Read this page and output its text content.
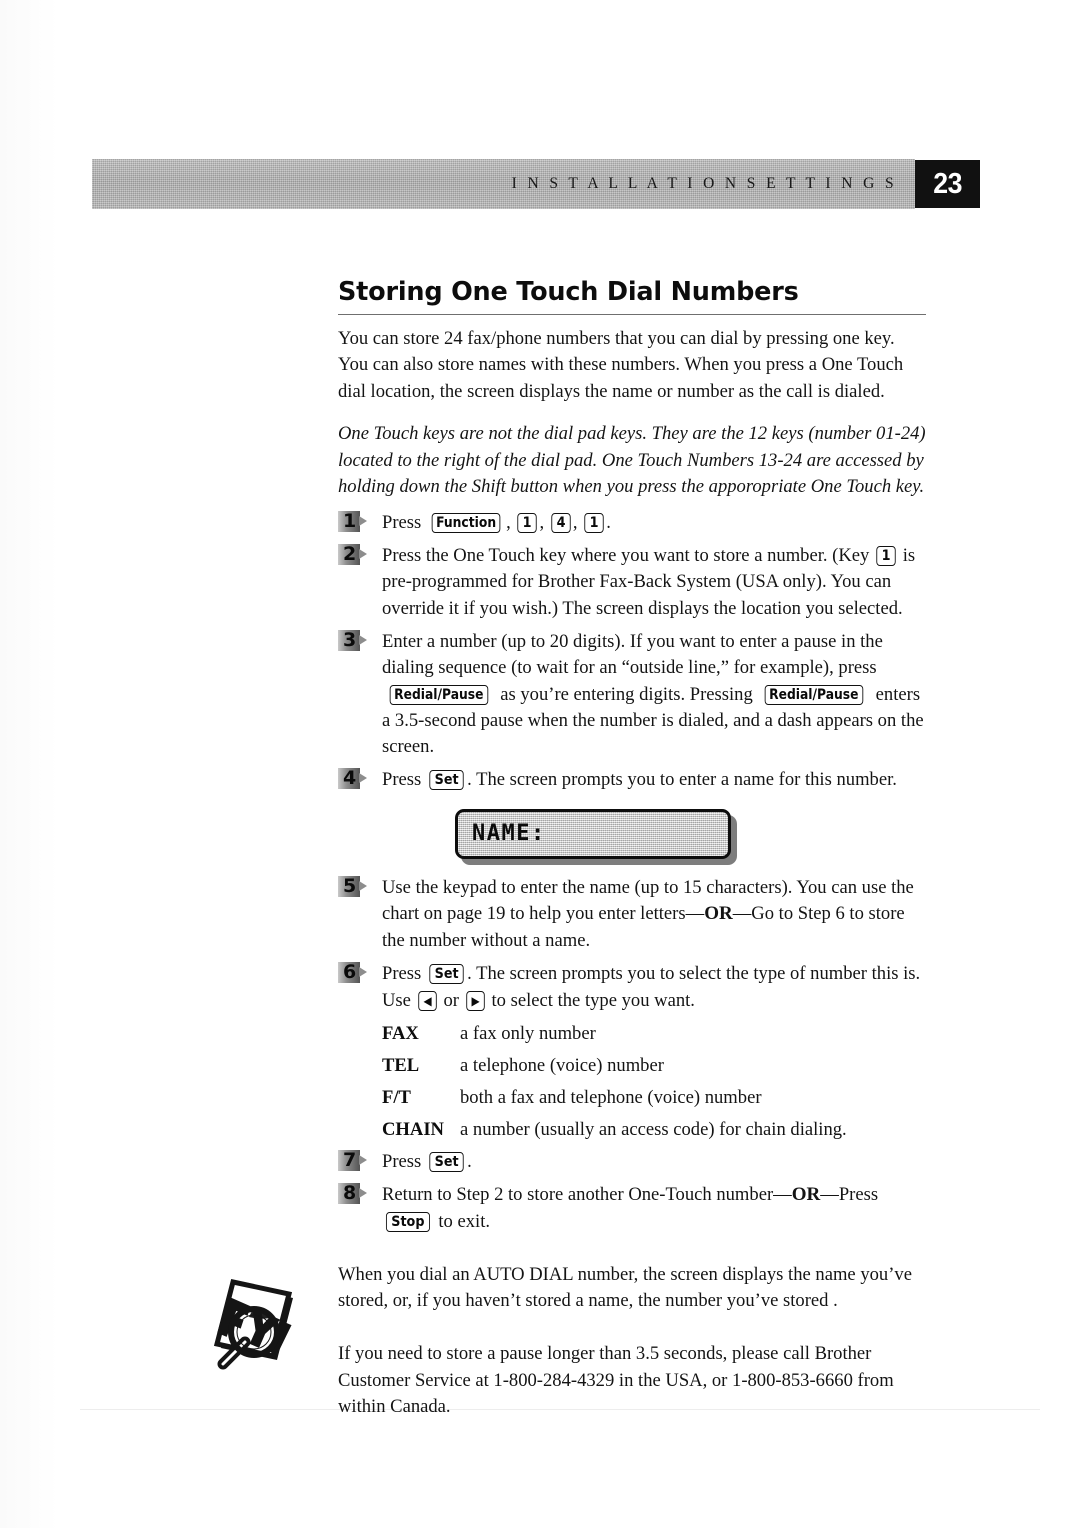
I N S T A L L A T I O N S E T T I N G S 23
Storing One Touch Dial Numbers

You can store 24 fax/phone numbers that you can dial by pressing one key. You can also store names with these numbers. When you press a One Touch dial location, the screen displays the name or number as the call is dialed.

One Touch keys are not the dial pad keys. They are the 12 keys (number 01-24) located to the right of the dial pad. One Touch Numbers 13-24 are accessed by holding down the Shift button when you press the apporopriate One Touch key.

1 Press Function , 1 , 4 , 1 .
2 Press the One Touch key where you want to store a number. (Key 1 is pre-programmed for Brother Fax-Back System (USA only). You can override it if you wish.) The screen displays the location you selected.
3 Enter a number (up to 20 digits). If you want to enter a pause in the dialing sequence (to wait for an “outside line,” for example), press Redial/Pause as you’re entering digits. Pressing Redial/Pause enters a 3.5-second pause when the number is dialed, and a dash appears on the screen.
4 Press Set . The screen prompts you to enter a name for this number.
NAME:
5 Use the keypad to enter the name (up to 15 characters). You can use the chart on page 19 to help you enter letters—OR—Go to Step 6 to store the number without a name.
6 Press Set . The screen prompts you to select the type of number this is. Use ◀ or ▶ to select the type you want.
FAX	a fax only number
TEL	a telephone (voice) number
F/T	both a fax and telephone (voice) number
CHAIN a number (usually an access code) for chain dialing.
7 Press Set .
8 Return to Step 2 to store another One-Touch number—OR—Press Stop to exit.

When you dial an AUTO DIAL number, the screen displays the name you’ve stored, or, if you haven’t stored a name, the number you’ve stored .

If you need to store a pause longer than 3.5 seconds, please call Brother Customer Service at 1-800-284-4329 in the USA, or 1-800-853-6660 from within Canada.
